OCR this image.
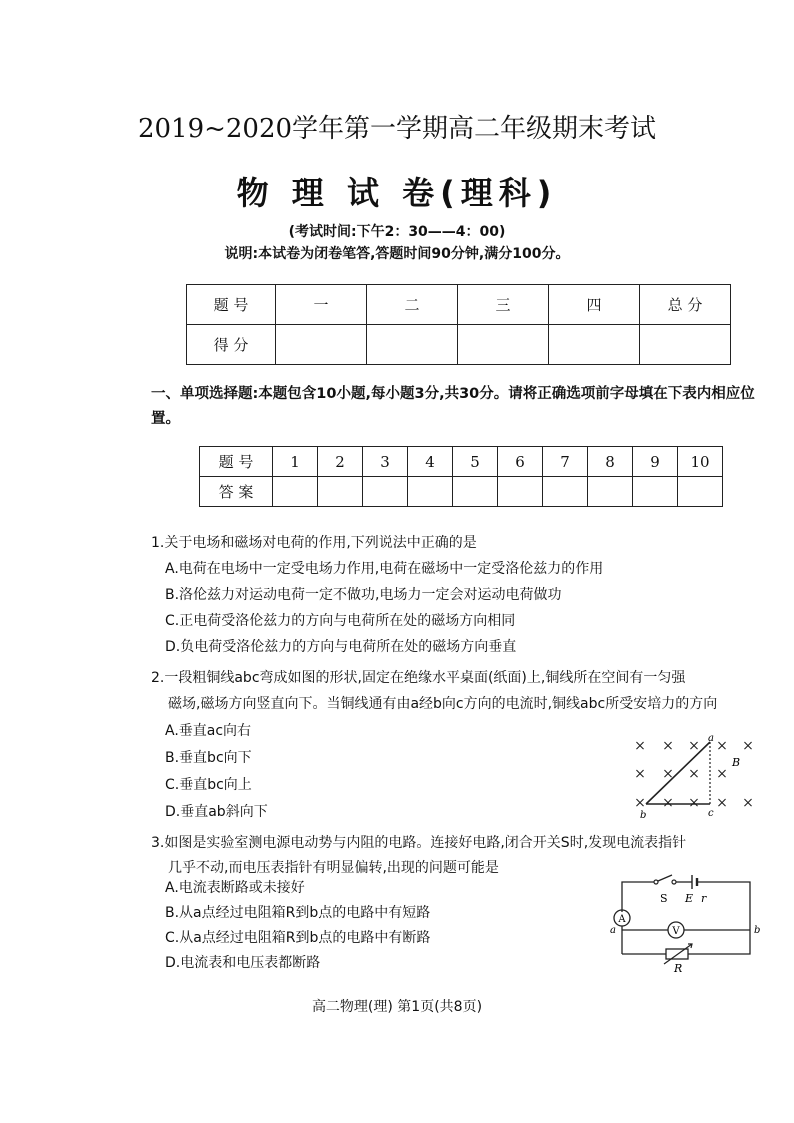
2019~2020学年第一学期高二年级期末考试
物 理 试 卷(理科)
(考试时间:下午2：30——4：00)
说明:本试卷为闭卷笔答,答题时间90分钟,满分100分。
题 号	一	二	三	四	总 分
得 分					
一、单项选择题:本题包含10小题,每小题3分,共30分。请将正确选项前字母填在下表内相应位置。
题 号	1	2	3	4	5	6	7	8	9	10
答 案										
1.关于电场和磁场对电荷的作用,下列说法中正确的是
A.电荷在电场中一定受电场力作用,电荷在磁场中一定受洛伦兹力的作用
B.洛伦兹力对运动电荷一定不做功,电场力一定会对运动电荷做功
C.正电荷受洛伦兹力的方向与电荷所在处的磁场方向相同
D.负电荷受洛伦兹力的方向与电荷所在处的磁场方向垂直
2.一段粗铜线abc弯成如图的形状,固定在绝缘水平桌面(纸面)上,铜线所在空间有一匀强
磁场,磁场方向竖直向下。当铜线通有由a经b向c方向的电流时,铜线abc所受安培力的方向
A.垂直ac向右
B.垂直bc向下
C.垂直bc向上
D.垂直ab斜向下
× × × × ×
× × × ×
× × × × ×
a
b	c
B
3.如图是实验室测电源电动势与内阻的电路。连接好电路,闭合开关S时,发现电流表指针
几乎不动,而电压表指针有明显偏转,出现的问题可能是
A.电流表断路或未接好
B.从a点经过电阻箱R到b点的电路中有短路
C.从a点经过电阻箱R到b点的电路中有断路
D.电流表和电压表都断路
S E r
A
V
a	b
R
高二物理(理) 第1页(共8页)
